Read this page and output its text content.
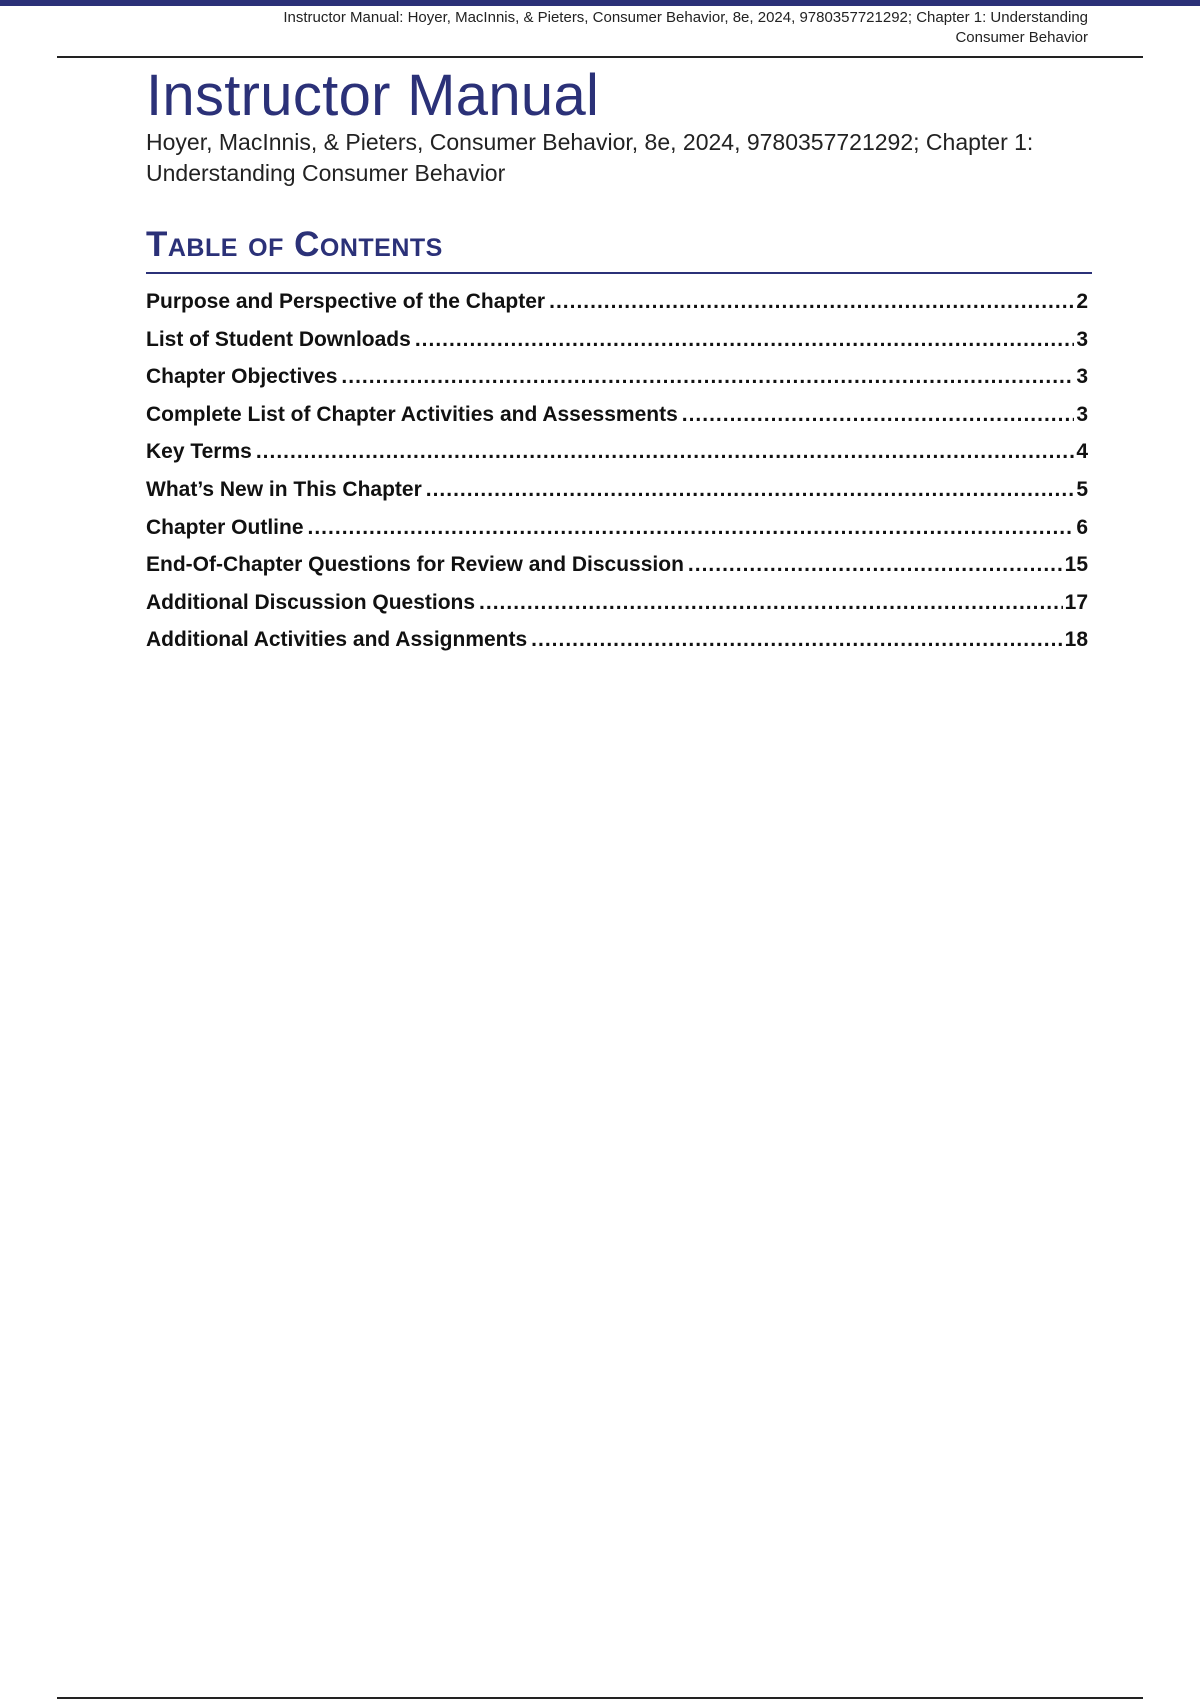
Instructor Manual: Hoyer, MacInnis, & Pieters, Consumer Behavior, 8e, 2024, 9780357721292; Chapter 1: Understanding
Consumer Behavior
Instructor Manual
Hoyer, MacInnis, & Pieters, Consumer Behavior, 8e, 2024, 9780357721292; Chapter 1:
Understanding Consumer Behavior
Table of Contents
Purpose and Perspective of the Chapter .....	2
List of Student Downloads .....	3
Chapter Objectives .....	3
Complete List of Chapter Activities and Assessments .....	3
Key Terms .....	4
What’s New in This Chapter .....	5
Chapter Outline .....	6
End-Of-Chapter Questions for Review and Discussion .....	15
Additional Discussion Questions .....	17
Additional Activities and Assignments .....	18
